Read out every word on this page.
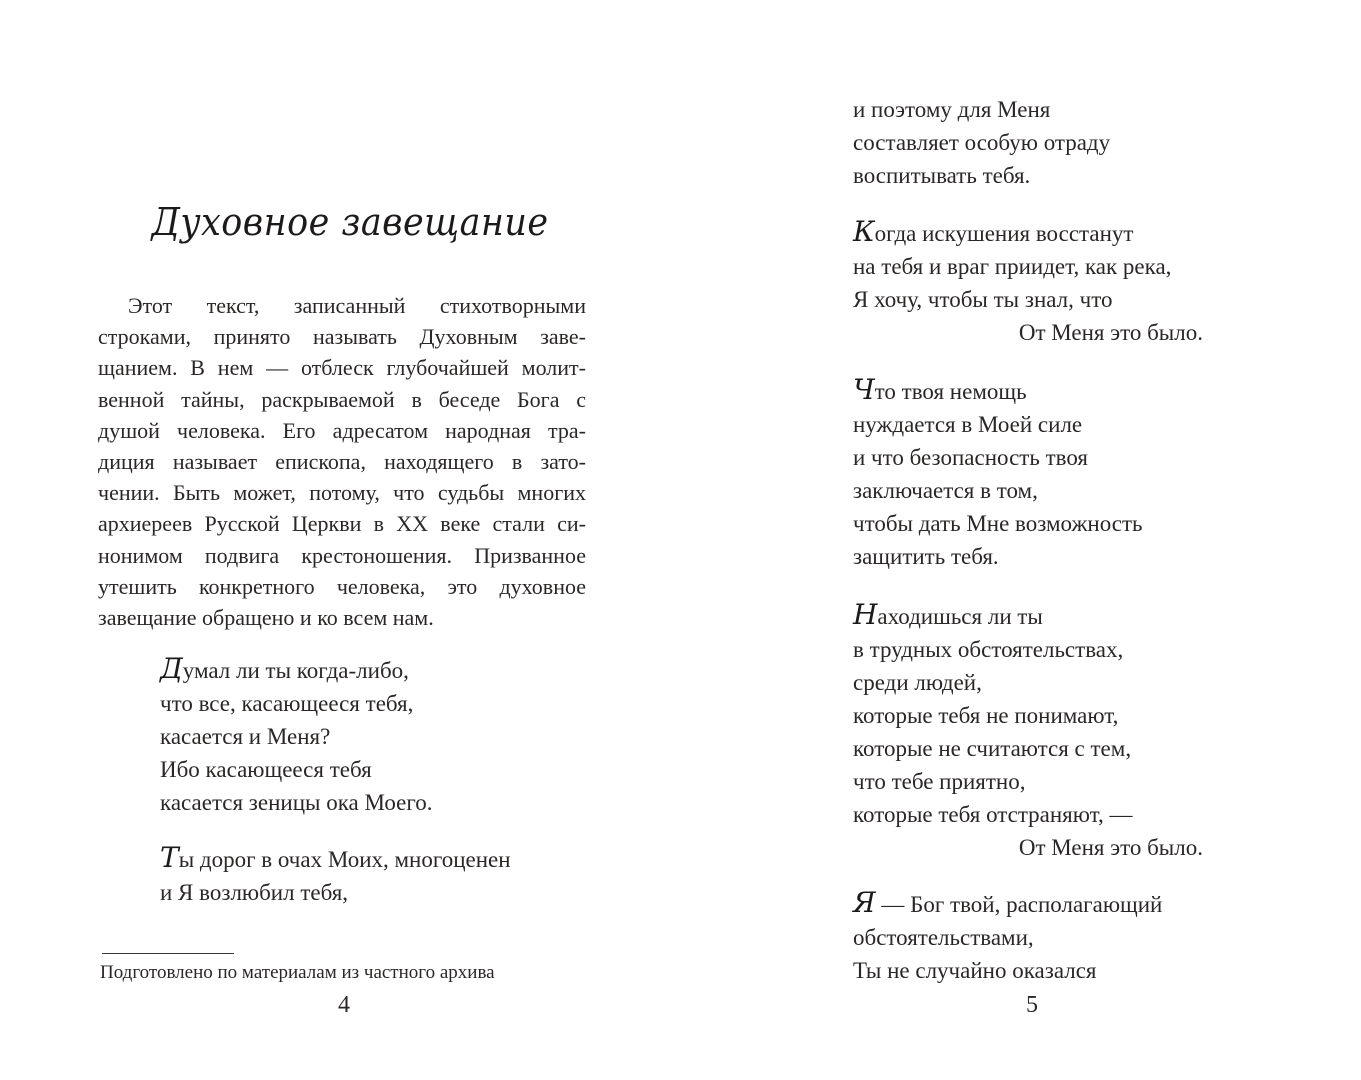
Духовное завещание
Этот текст, записанный стихотворными
строками, принято называть Духовным заве-
щанием. В нем — отблеск глубочайшей молит-
венной тайны, раскрываемой в беседе Бога с
душой человека. Его адресатом народная тра-
диция называет епископа, находящего в зато-
чении. Быть может, потому, что судьбы многих
архиереев Русской Церкви в XX веке стали си-
нонимом подвига крестоношения. Призванное
утешить конкретного человека, это духовное
завещание обращено и ко всем нам.
Думал ли ты когда-либо,
что все, касающееся тебя,
касается и Меня?
Ибо касающееся тебя
касается зеницы ока Моего.
Ты дорог в очах Моих, многоценен
и Я возлюбил тебя,
Подготовлено по материалам из частного архива
4
и поэтому для Меня
составляет особую отраду
воспитывать тебя.
Когда искушения восстанут
на тебя и враг приидет, как река,
Я хочу, чтобы ты знал, что
От Меня это было.
Что твоя немощь
нуждается в Моей силе
и что безопасность твоя
заключается в том,
чтобы дать Мне возможность
защитить тебя.
Находишься ли ты
в трудных обстоятельствах,
среди людей,
которые тебя не понимают,
которые не считаются с тем,
что тебе приятно,
которые тебя отстраняют, —
От Меня это было.
Я — Бог твой, располагающий
обстоятельствами,
Ты не случайно оказался
5
